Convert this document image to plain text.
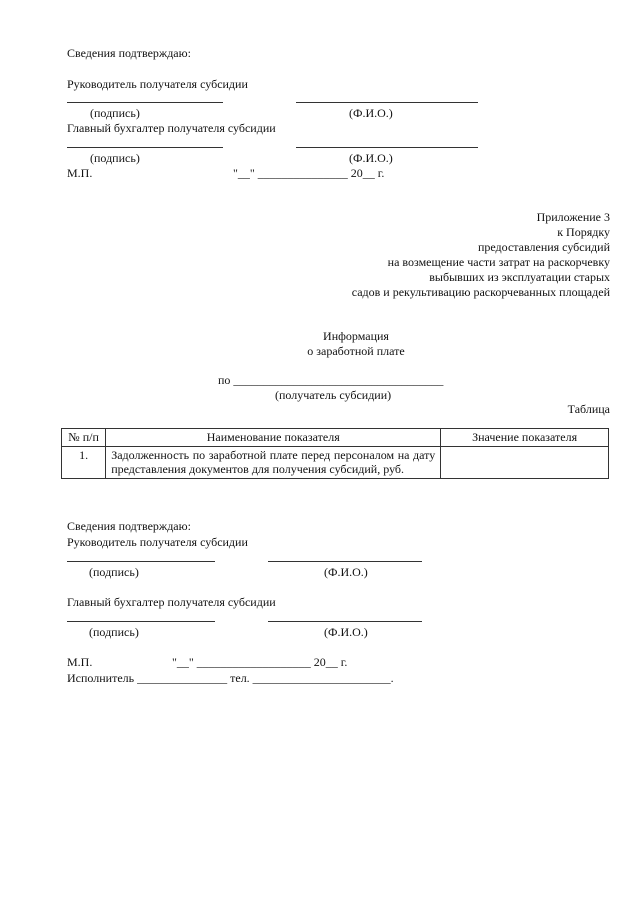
Сведения подтверждаю:
Руководитель получателя субсидии
(подпись)	(Ф.И.О.)
Главный бухгалтер получателя субсидии
(подпись)	(Ф.И.О.)
М.П.	"__" _______________ 20__ г.
Приложение 3
к Порядку
предоставления субсидий
на возмещение части затрат на раскорчевку
выбывших из эксплуатации старых
садов и рекультивацию раскорчеванных площадей
Информация
о заработной плате
по ___________________________________
(получатель субсидии)
Таблица
№ п/п	Наименование показателя	Значение показателя
1.	Задолженность по заработной плате перед персоналом на дату представления документов для получения субсидий, руб.	
Сведения подтверждаю:
Руководитель получателя субсидии
(подпись)	(Ф.И.О.)
Главный бухгалтер получателя субсидии
(подпись)	(Ф.И.О.)
М.П.	"__" ___________________ 20__ г.
Исполнитель _______________ тел. _______________________.
